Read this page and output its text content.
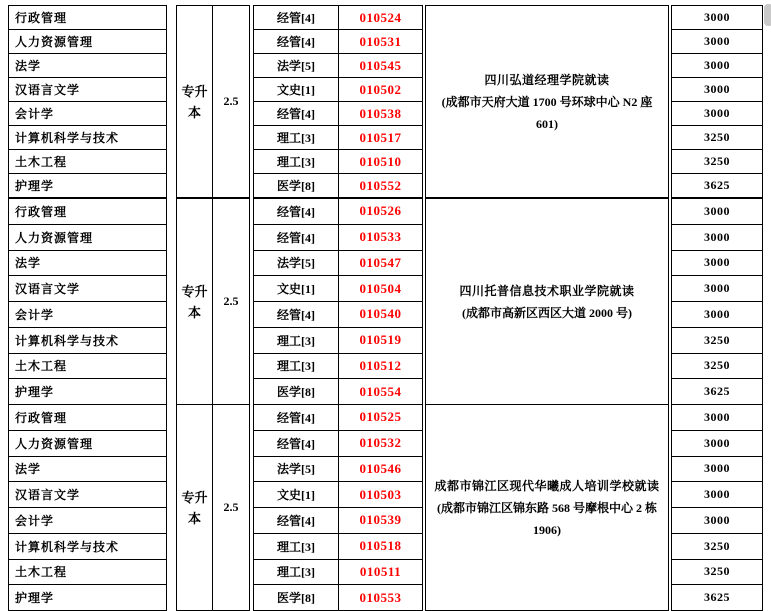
行政管理
人力资源管理
法学
汉语言文学
会计学
计算机科学与技术
土木工程
护理学
专升
本
2.5
经管[4]
经管[4]
法学[5]
文史[1]
经管[4]
理工[3]
理工[3]
医学[8]
010524
010531
010545
010502
010538
010517
010510
010552
四川弘道经理学院就读
(成都市天府大道 1700 号环球中心 N2 座 601)
3000
3000
3000
3000
3000
3250
3250
3625
行政管理
人力资源管理
法学
汉语言文学
会计学
计算机科学与技术
土木工程
护理学
专升
本
2.5
经管[4]
经管[4]
法学[5]
文史[1]
经管[4]
理工[3]
理工[3]
医学[8]
010526
010533
010547
010504
010540
010519
010512
010554
四川托普信息技术职业学院就读
(成都市高新区西区大道 2000 号)
3000
3000
3000
3000
3000
3250
3250
3625
行政管理
人力资源管理
法学
汉语言文学
会计学
计算机科学与技术
土木工程
护理学
专升
本
2.5
经管[4]
经管[4]
法学[5]
文史[1]
经管[4]
理工[3]
理工[3]
医学[8]
010525
010532
010546
010503
010539
010518
010511
010553
成都市锦江区现代华曦成人培训学校就读
(成都市锦江区锦东路 568 号摩根中心 2 栋 1906)
3000
3000
3000
3000
3000
3250
3250
3625
